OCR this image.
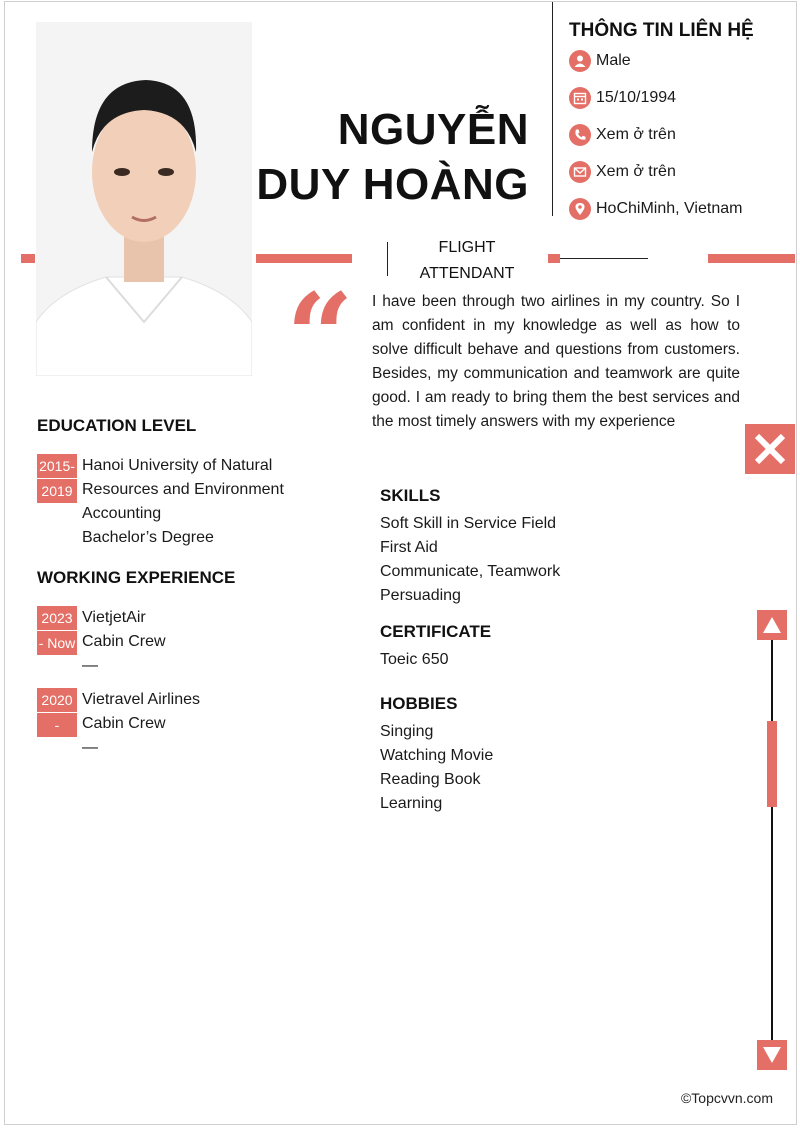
NGUYỄN
DUY HOÀNG
THÔNG TIN LIÊN HỆ
Male
15/10/1994
Xem ở trên
Xem ở trên
HoChiMinh, Vietnam
FLIGHT
ATTENDANT
“ I have been through two airlines in my country. So I am confident in my knowledge as well as how to solve difficult behave and questions from customers. Besides, my communication and teamwork are quite good. I am ready to bring them the best services and the most timely answers with my experience
EDUCATION LEVEL
2015-
2019
Hanoi University of Natural Resources and Environment
Accounting
Bachelor’s Degree
WORKING EXPERIENCE
2023
- Now
VietjetAir
Cabin Crew
—
2020
-
Vietravel Airlines
Cabin Crew
—
SKILLS
Soft Skill in Service Field
First Aid
Communicate, Teamwork
Persuading
CERTIFICATE
Toeic 650
HOBBIES
Singing
Watching Movie
Reading Book
Learning
©Topcvvn.com
